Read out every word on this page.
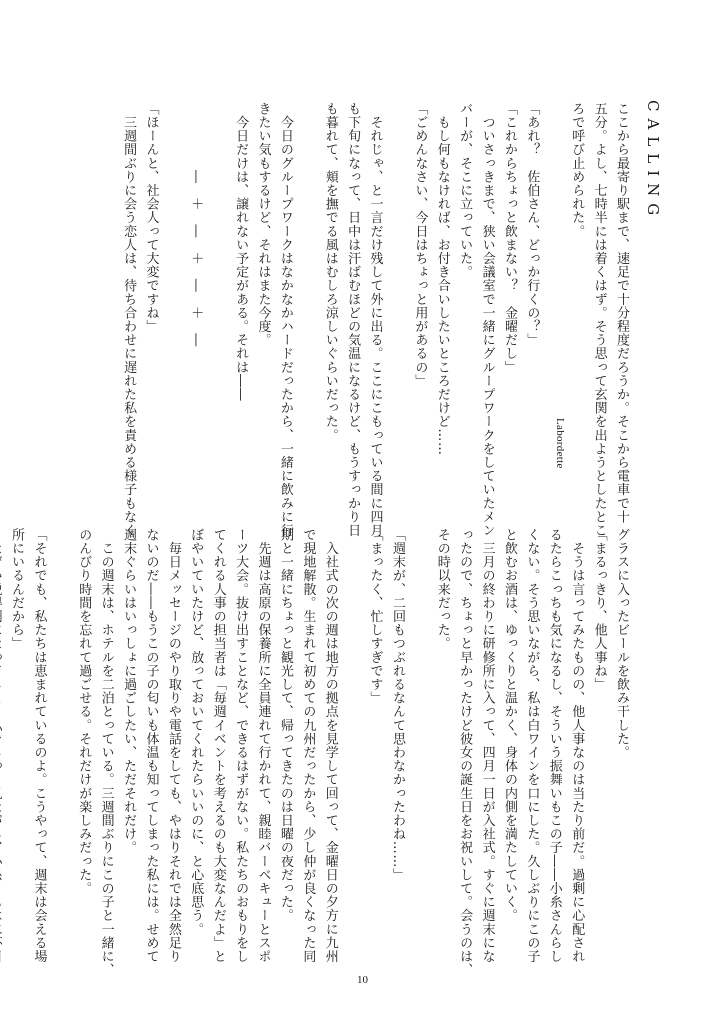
CALLING
Labordette	ここから最寄り駅まで、速足で十分程度だろうか。そこから電車で十

五分。よし、七時半には着くはず。そう思って玄関を出ようとしたとこ

ろで呼び止められた。

「あれ？　佐伯さん、どっか行くの？」

「これからちょっと飲まない？　金曜だし」

　ついさっきまで、狭い会議室で一緒にグループワークをしていたメン

バーが、そこに立っていた。

　もし何もなければ、お付き合いしたいところだけど……

「ごめんなさい、今日はちょっと用があるの」

　それじゃ、と一言だけ残して外に出る。ここにこもっている間に四月

も下旬になって、日中は汗ばむほどの気温になるけど、もうすっかり日

も暮れて、頬を撫でる風はむしろ涼しいぐらいだった。

　今日のグループワークはなかなかハードだったから、一緒に飲みに行

きたい気もするけど、それはまた今度。

　今日だけは、譲れない予定がある。それは――

　　　　　―　＋　―　＋　―　＋　―

「ほーんと、社会人って大変ですね」

　三週間ぶりに会う恋人は、待ち合わせに遅れた私を責める様子もなく

グラスに入ったビールを飲み干した。

「まるっきり、他人事ね」

　そうは言ってみたものの、他人事なのは当たり前だ。過剰に心配され

るたらこっちも気になるし、そういう振舞いもこの子――小糸さんらし

くない。そう思いながら、私は白ワインを口にした。久しぶりにこの子

と飲むお酒は、ゆっくりと温かく、身体の内側を満たしていく。

　三月の終わりに研修所に入って、四月一日が入社式。すぐに週末にな

ったので、ちょっと早かったけど彼女の誕生日をお祝いして。会うのは、

その時以来だった。

「週末が、二回もつぶれるなんて思わなかったわね……」

「まったく、忙しすぎです」

　入社式の次の週は地方の拠点を見学して回って、金曜日の夕方に九州

で現地解散。生まれて初めての九州だったから、少し仲が良くなった同

期と一緒にちょっと観光して、帰ってきたのは日曜の夜だった。

　先週は高原の保養所に全員連れて行かれて、親睦バーベキューとスポ

ーツ大会。抜け出すことなど、できるはずがない。私たちのおもりをし

てくれる人事の担当者は「毎週イベントを考えるのも大変なんだよ」と

ぼやいていたけど、放っておいてくれたらいいのに、と心底思う。

　毎日メッセージのやり取りや電話をしても、やはりそれでは全然足り

ないのだ――もうこの子の匂いも体温も知ってしまった私には。せめて

週末ぐらいはいっしょに過ごしたい、ただそれだけ。

　この週末は、ホテルを二泊とっている。三週間ぶりにこの子と一緒に、

のんびり時間を忘れて過ごせる。それだけが楽しみだった。

「それでも、私たちは恵まれているのよ。こうやって、週末は会える場

所にいるんだから」

10
